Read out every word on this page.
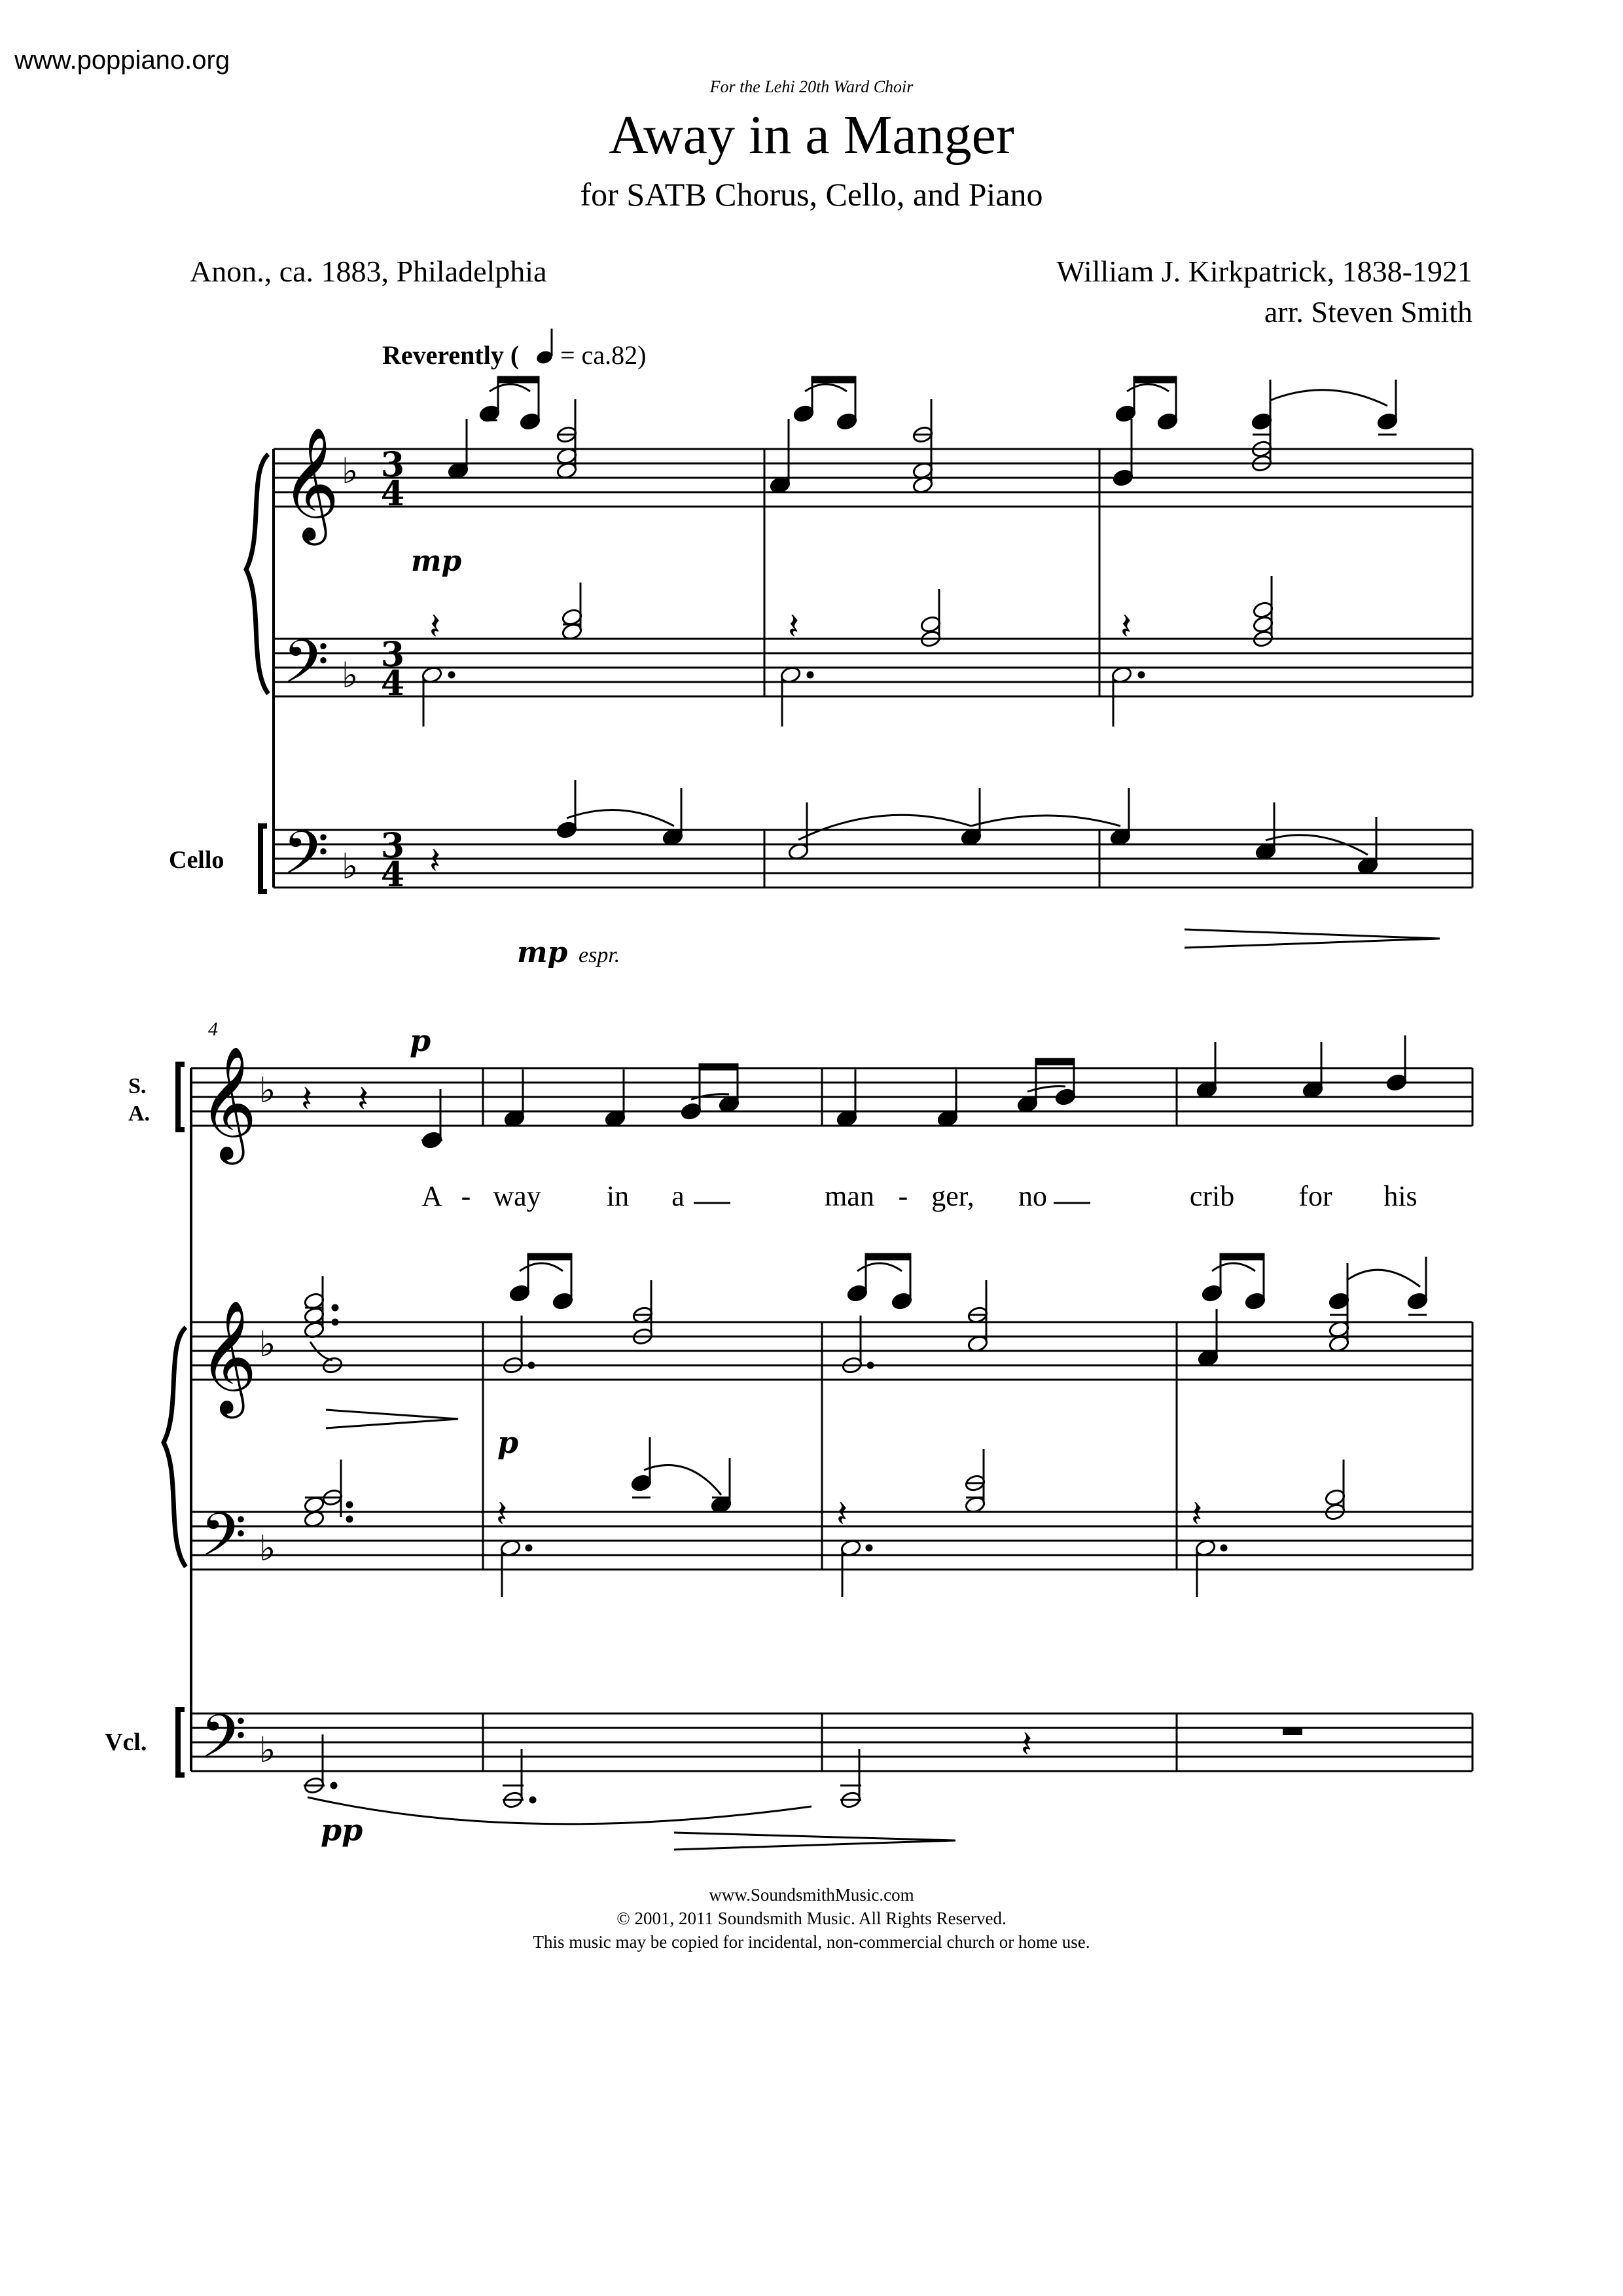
www.poppiano.org
For the Lehi 20th Ward Choir
Away in a Manger
for SATB Chorus, Cello, and Piano
Anon., ca. 1883, Philadelphia	William J. Kirkpatrick, 1838-1921
arr. Steven Smith
𝄞
𝄢
𝄢
𝄞
𝄞
𝄢
𝄢
♭
♭
♭
♭
♭
♭
♭
3
4
3
4
3
4
Reverently ( = ca.82)
𝄽	𝄽	𝄽
𝄽
mp
mp espr.
Cello
4
S.
A.
Vcl.
p
p
pp
𝄽 𝄽
𝄽	𝄽	𝄽
𝄽
A - way in a	man - ger, no	crib for his
www.SoundsmithMusic.com
© 2001, 2011 Soundsmith Music. All Rights Reserved.
This music may be copied for incidental, non-commercial church or home use.
